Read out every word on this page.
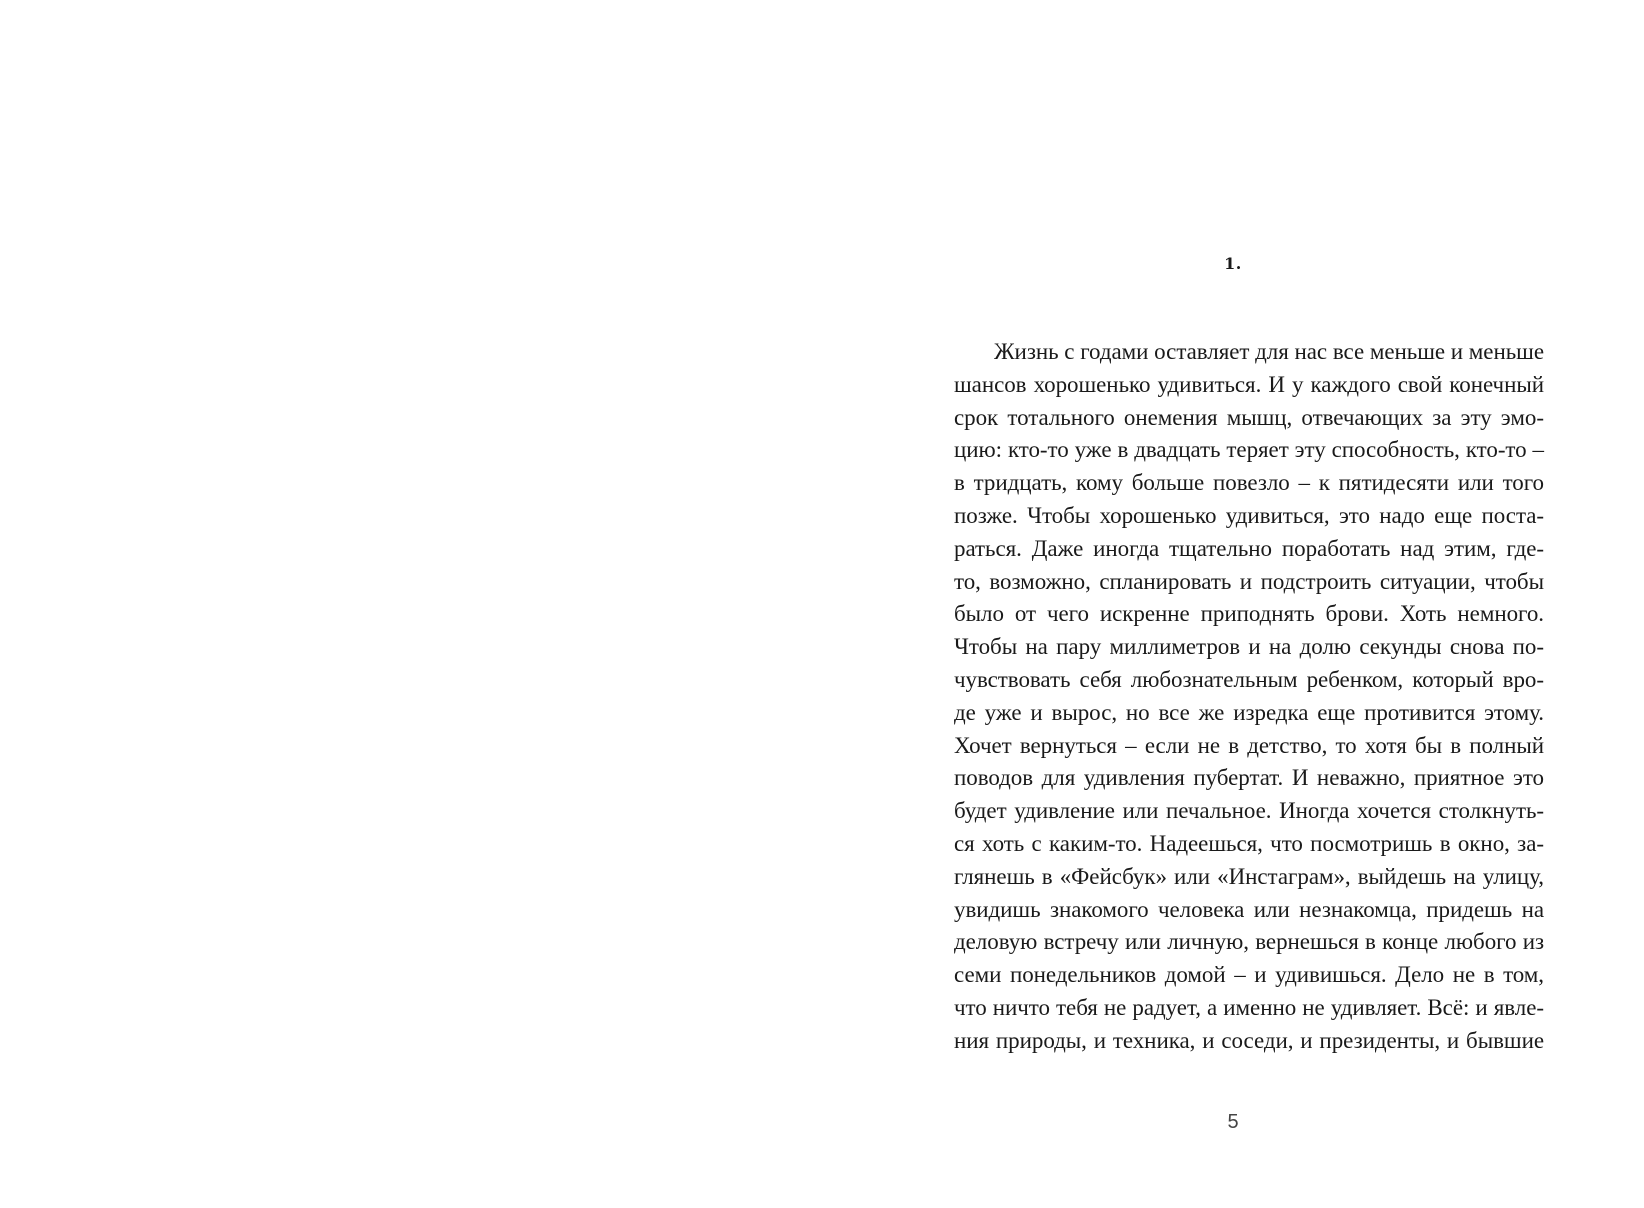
1.

Жизнь с годами оставляет для нас все меньше и меньше
шансов хорошенько удивиться. И у каждого свой конечный
срок тотального онемения мышц, отвечающих за эту эмо-
цию: кто-то уже в двадцать теряет эту способность, кто-то –
в тридцать, кому больше повезло – к пятидесяти или того
позже. Чтобы хорошенько удивиться, это надо еще поста-
раться. Даже иногда тщательно поработать над этим, где-
то, возможно, спланировать и подстроить ситуации, чтобы
было от чего искренне приподнять брови. Хоть немного.
Чтобы на пару миллиметров и на долю секунды снова по-
чувствовать себя любознательным ребенком, который вро-
де уже и вырос, но все же изредка еще противится этому.
Хочет вернуться – если не в детство, то хотя бы в полный
поводов для удивления пубертат. И неважно, приятное это
будет удивление или печальное. Иногда хочется столкнуть-
ся хоть с каким-то. Надеешься, что посмотришь в окно, за-
глянешь в «Фейсбук» или «Инстаграм», выйдешь на улицу,
увидишь знакомого человека или незнакомца, придешь на
деловую встречу или личную, вернешься в конце любого из
семи понедельников домой – и удивишься. Дело не в том,
что ничто тебя не радует, а именно не удивляет. Всё: и явле-
ния природы, и техника, и соседи, и президенты, и бывшие

5
